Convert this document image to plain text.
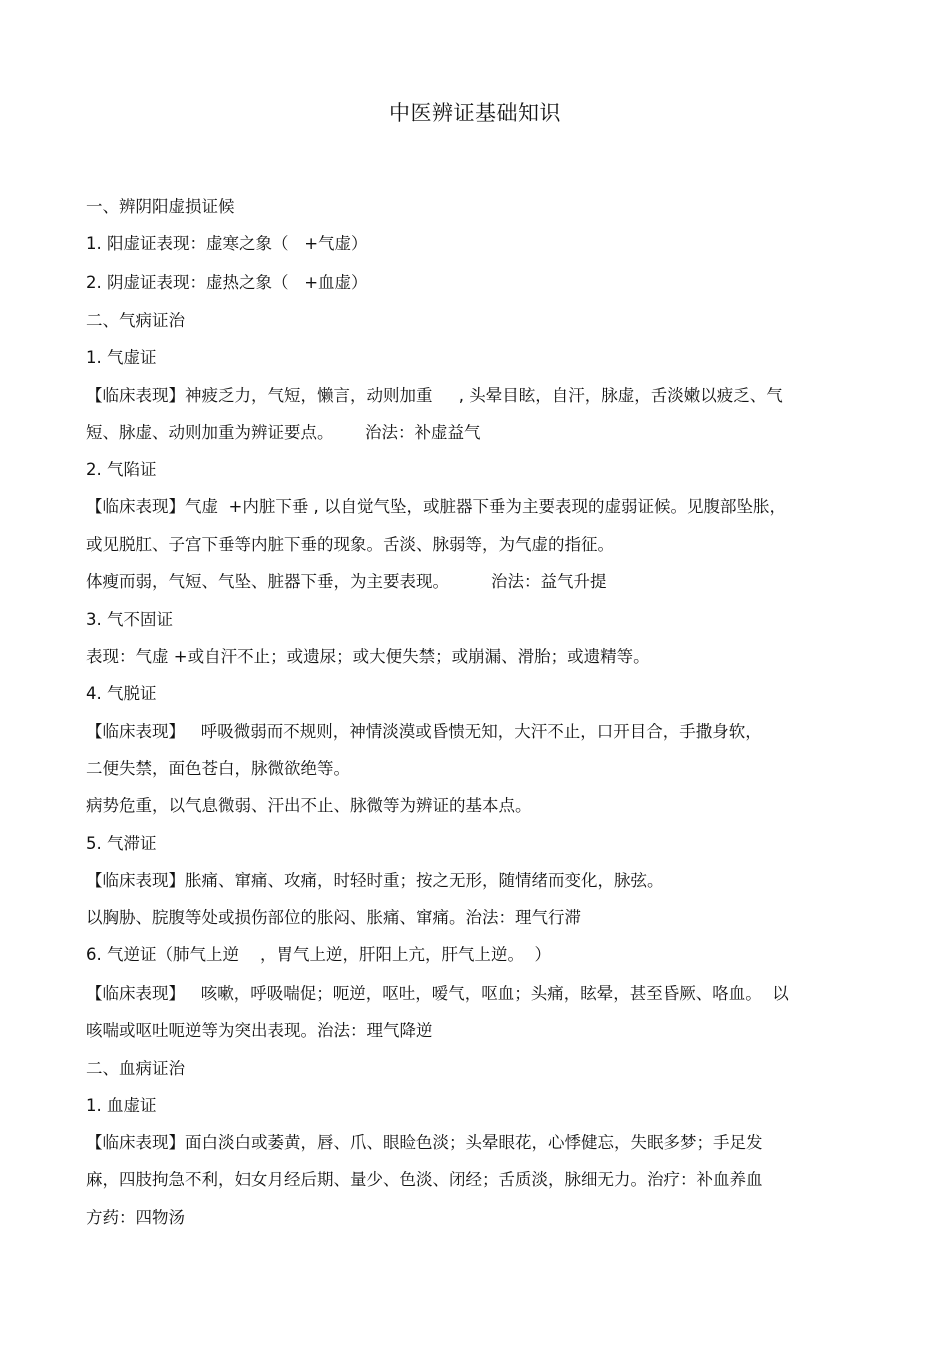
中医辨证基础知识
一、辨阴阳虚损证候
1. 阳虚证表现：虚寒之象（   +气虚）
2. 阴虚证表现：虚热之象（   +血虚）
二、气病证治
1. 气虚证
【临床表现】神疲乏力，气短，懒言，动则加重     , 头晕目眩，自汗，脉虚，舌淡嫩以疲乏、气
短、脉虚、动则加重为辨证要点。      治法：补虚益气
2. 气陷证
【临床表现】气虚  +内脏下垂 , 以自觉气坠，或脏器下垂为主要表现的虚弱证候。见腹部坠胀，
或见脱肛、子宫下垂等内脏下垂的现象。舌淡、脉弱等，为气虚的指征。
体瘦而弱，气短、气坠、脏器下垂，为主要表现。        治法：益气升提
3. 气不固证
表现：气虚 +或自汗不止；或遗尿；或大便失禁；或崩漏、滑胎；或遗精等。
4. 气脱证
【临床表现】   呼吸微弱而不规则，神情淡漠或昏愦无知，大汗不止，口开目合，手撒身软，
二便失禁，面色苍白，脉微欲绝等。
病势危重，以气息微弱、汗出不止、脉微等为辨证的基本点。
5. 气滞证
【临床表现】胀痛、窜痛、攻痛，时轻时重；按之无形，随情绪而变化，脉弦。
以胸胁、脘腹等处或损伤部位的胀闷、胀痛、窜痛。治法：理气行滞
6. 气逆证（肺气上逆    ，胃气上逆，肝阳上亢，肝气上逆。  ）
【临床表现】   咳嗽，呼吸喘促；呃逆，呕吐，嗳气，呕血；头痛，眩晕，甚至昏厥、咯血。  以
咳喘或呕吐呃逆等为突出表现。治法：理气降逆
二、血病证治
1. 血虚证
【临床表现】面白淡白或萎黄，唇、爪、眼睑色淡；头晕眼花，心悸健忘，失眠多梦；手足发
麻，四肢拘急不利，妇女月经后期、量少、色淡、闭经；舌质淡，脉细无力。治疗：补血养血
方药：四物汤
